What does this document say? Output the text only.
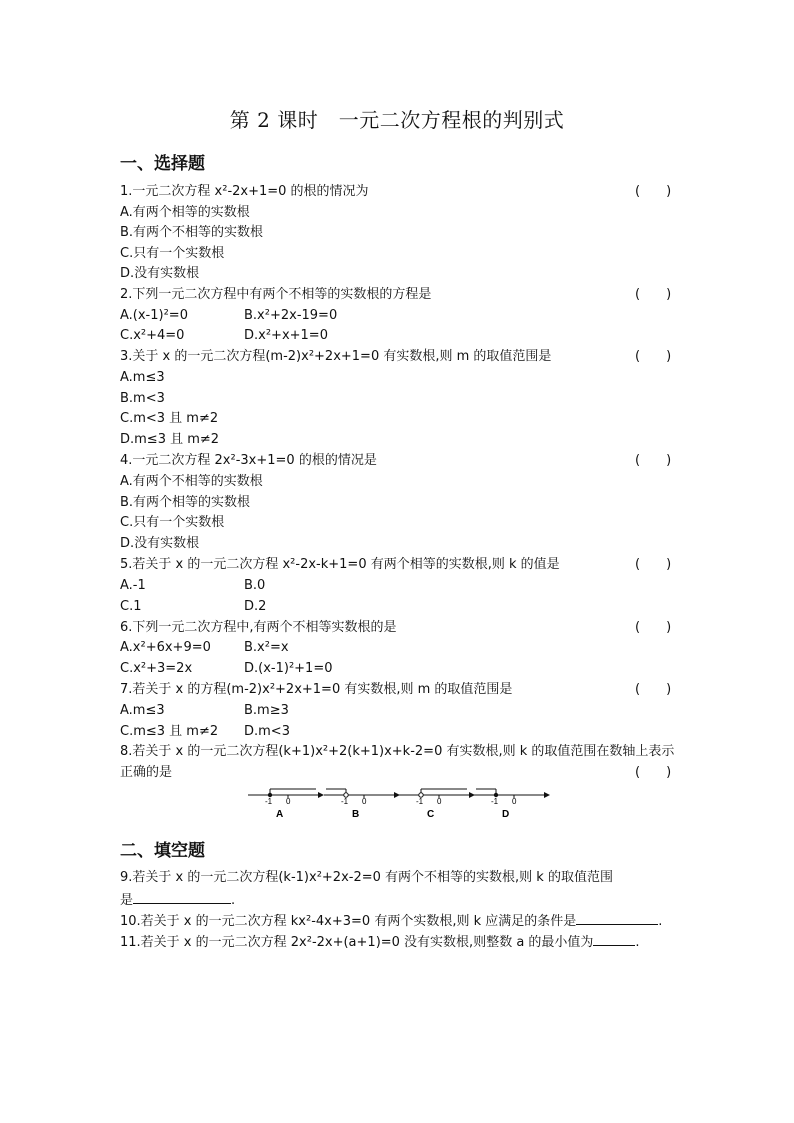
第 2 课时　一元二次方程根的判别式
一、选择题
1.一元二次方程 x²-2x+1=0 的根的情况为	(　　)
A.有两个相等的实数根
B.有两个不相等的实数根
C.只有一个实数根
D.没有实数根
2.下列一元二次方程中有两个不相等的实数根的方程是	(　　)
A.(x-1)²=0	B.x²+2x-19=0
C.x²+4=0	D.x²+x+1=0
3.关于 x 的一元二次方程(m-2)x²+2x+1=0 有实数根,则 m 的取值范围是	(　　)
A.m≤3
B.m<3
C.m<3 且 m≠2
D.m≤3 且 m≠2
4.一元二次方程 2x²-3x+1=0 的根的情况是	(　　)
A.有两个不相等的实数根
B.有两个相等的实数根
C.只有一个实数根
D.没有实数根
5.若关于 x 的一元二次方程 x²-2x-k+1=0 有两个相等的实数根,则 k 的值是	(　　)
A.-1	B.0
C.1	D.2
6.下列一元二次方程中,有两个不相等实数根的是	(　　)
A.x²+6x+9=0	B.x²=x
C.x²+3=2x	D.(x-1)²+1=0
7.若关于 x 的方程(m-2)x²+2x+1=0 有实数根,则 m 的取值范围是	(　　)
A.m≤3	B.m≥3
C.m≤3 且 m≠2 D.m<3
8.若关于 x 的一元二次方程(k+1)x²+2(k+1)x+k-2=0 有实数根,则 k 的取值范围在数轴上表示
正确的是	(　　)
-1 0
A
-1 0
B
-1 0
C
-1 0
D
二、填空题
9.若关于 x 的一元二次方程(k-1)x²+2x-2=0 有两个不相等的实数根,则 k 的取值范围
是	.
10.若关于 x 的一元二次方程 kx²-4x+3=0 有两个实数根,则 k 应满足的条件是	.
11.若关于 x 的一元二次方程 2x²-2x+(a+1)=0 没有实数根,则整数 a 的最小值为	.
